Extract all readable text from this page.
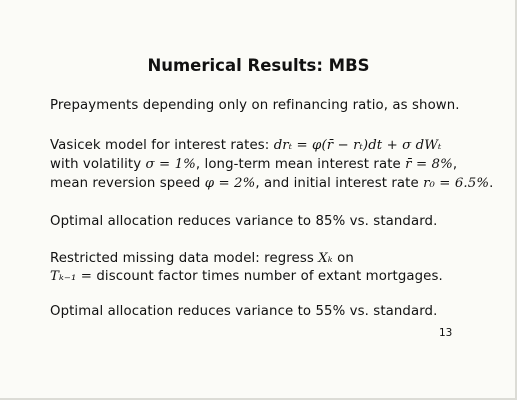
Numerical Results: MBS
Prepayments depending only on refinancing ratio, as shown.
Vasicek model for interest rates: drₜ = φ(r̄ − rₜ)dt + σ dWₜ
with volatility σ = 1%, long-term mean interest rate r̄ = 8%,
mean reversion speed φ = 2%, and initial interest rate r₀ = 6.5%.
Optimal allocation reduces variance to 85% vs. standard.
Restricted missing data model: regress Xₖ on
Tₖ₋₁ = discount factor times number of extant mortgages.
Optimal allocation reduces variance to 55% vs. standard.
13
